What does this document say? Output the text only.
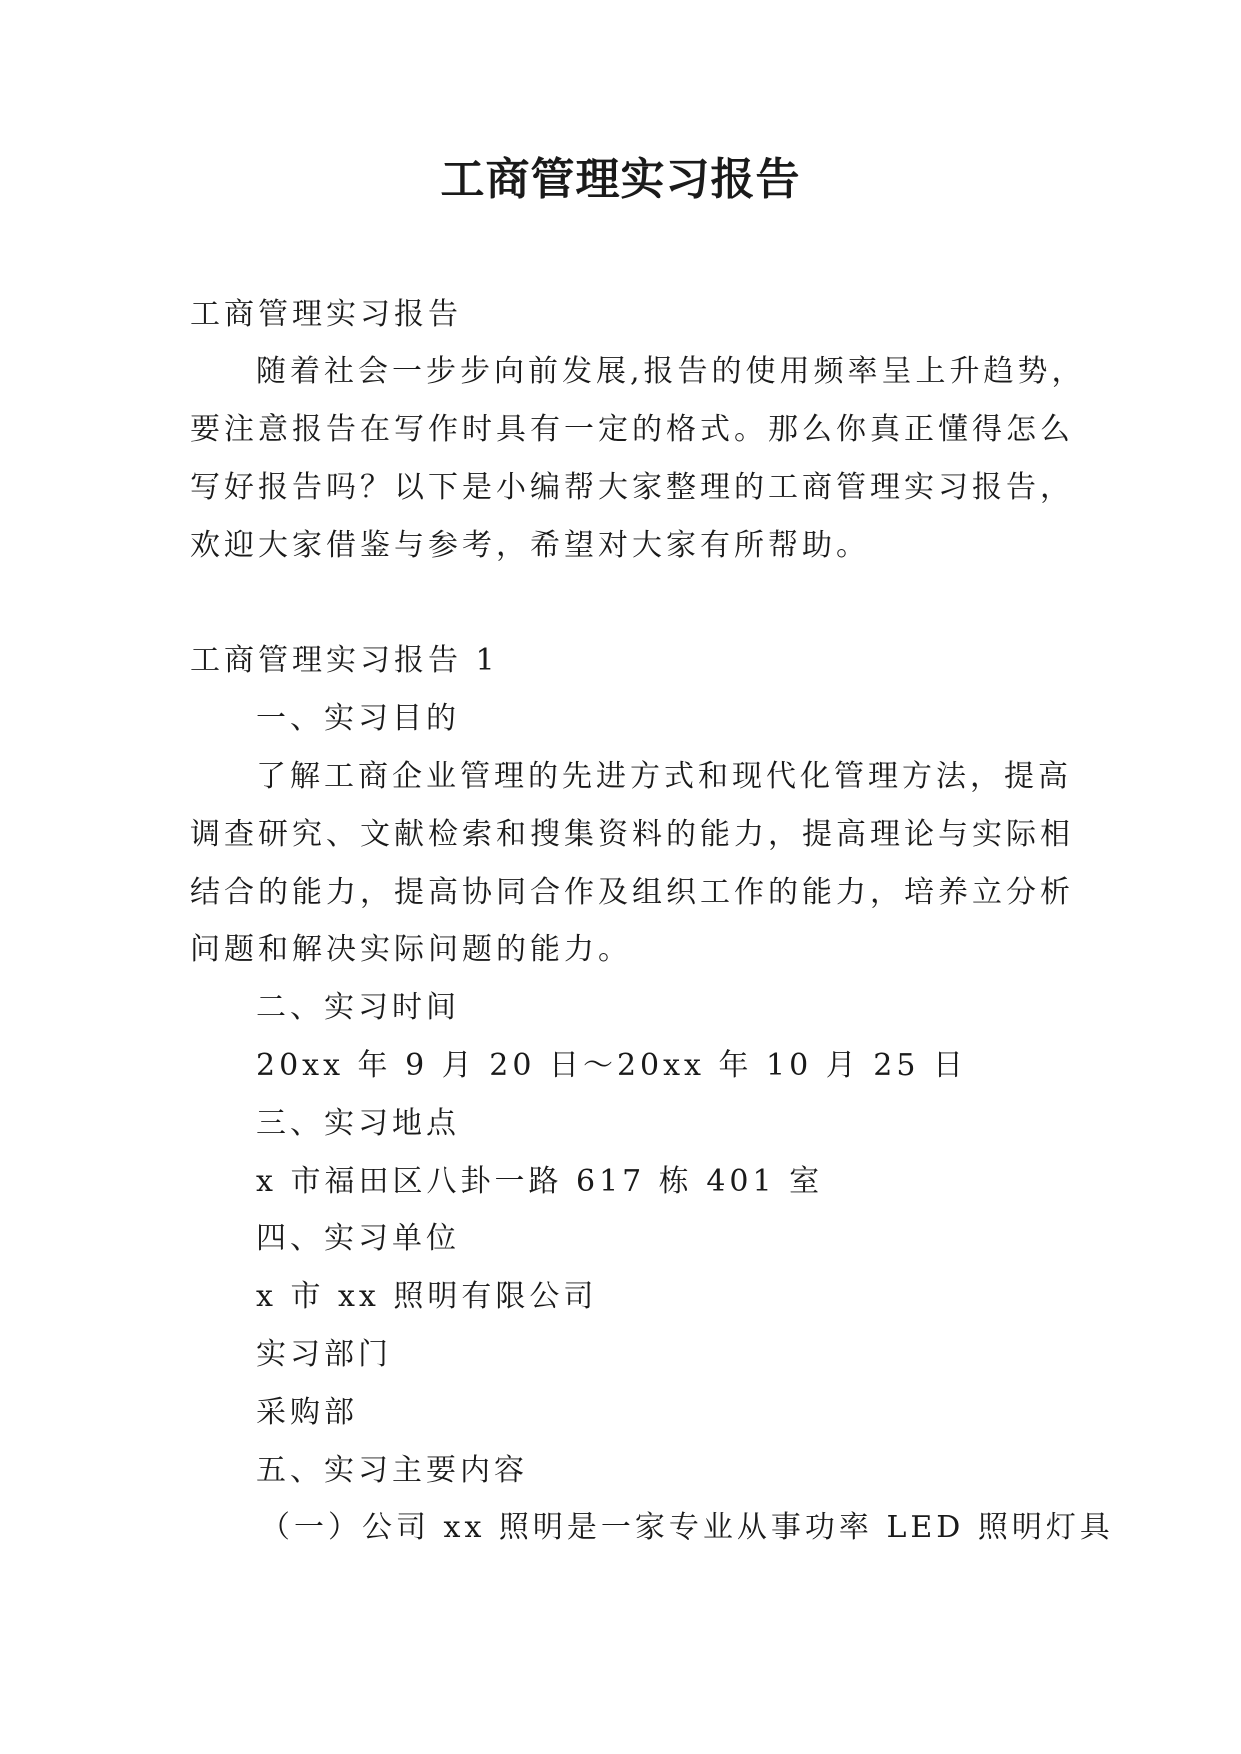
工商管理实习报告
工商管理实习报告
随着社会一步步向前发展,报告的使用频率呈上升趋势，
要注意报告在写作时具有一定的格式。那么你真正懂得怎么
写好报告吗？以下是小编帮大家整理的工商管理实习报告，
欢迎大家借鉴与参考，希望对大家有所帮助。
工商管理实习报告 1
一、实习目的
了解工商企业管理的先进方式和现代化管理方法，提高
调查研究、文献检索和搜集资料的能力，提高理论与实际相
结合的能力，提高协同合作及组织工作的能力，培养立分析
问题和解决实际问题的能力。
二、实习时间
20xx 年 9 月 20 日～20xx 年 10 月 25 日
三、实习地点
x 市福田区八卦一路 617 栋 401 室
四、实习单位
x 市 xx 照明有限公司
实习部门
采购部
五、实习主要内容
（一）公司 xx 照明是一家专业从事功率 LED 照明灯具
